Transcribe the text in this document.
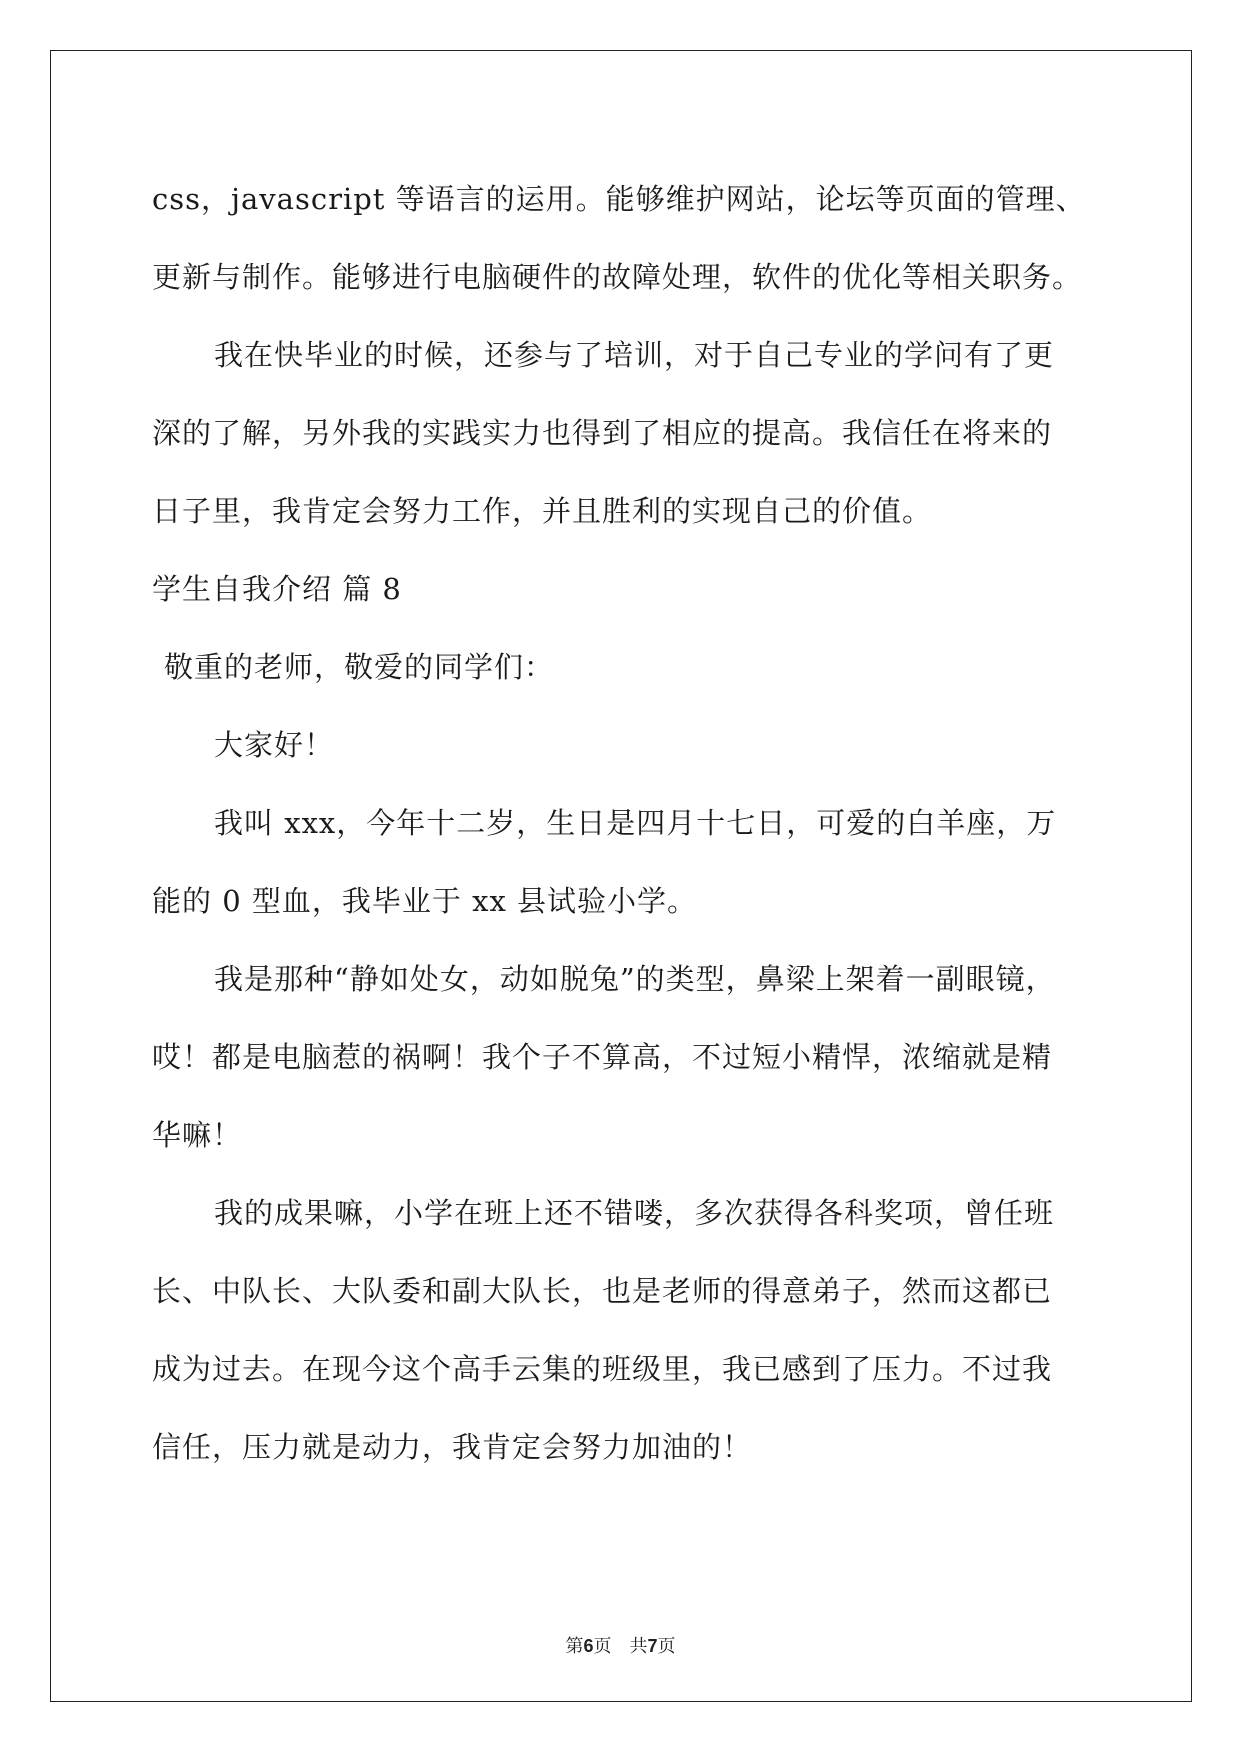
css，javascript 等语言的运用。能够维护网站，论坛等页面的管理、
更新与制作。能够进行电脑硬件的故障处理，软件的优化等相关职务。
我在快毕业的时候，还参与了培训，对于自己专业的学问有了更
深的了解，另外我的实践实力也得到了相应的提高。我信任在将来的
日子里，我肯定会努力工作，并且胜利的实现自己的价值。
学生自我介绍 篇 8
敬重的老师，敬爱的同学们：
大家好！
我叫 xxx，今年十二岁，生日是四月十七日，可爱的白羊座，万
能的 0 型血，我毕业于 xx 县试验小学。
我是那种“静如处女，动如脱兔”的类型，鼻梁上架着一副眼镜，
哎！都是电脑惹的祸啊！我个子不算高，不过短小精悍，浓缩就是精
华嘛！
我的成果嘛，小学在班上还不错喽，多次获得各科奖项，曾任班
长、中队长、大队委和副大队长，也是老师的得意弟子，然而这都已
成为过去。在现今这个高手云集的班级里，我已感到了压力。不过我
信任，压力就是动力，我肯定会努力加油的！
第6页　共7页
